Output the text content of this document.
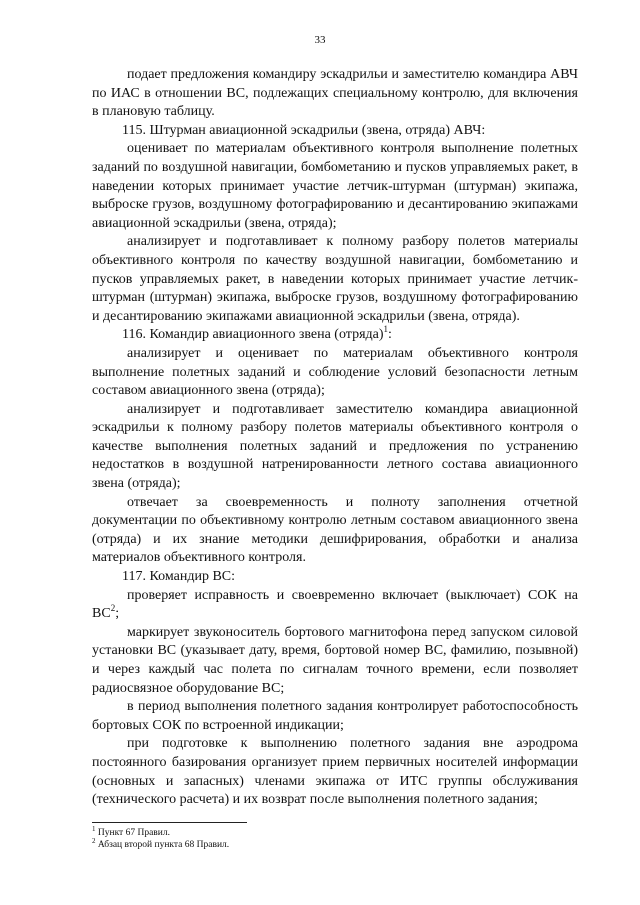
33

подает предложения командиру эскадрильи и заместителю командира АВЧ по ИАС в отношении ВС, подлежащих специальному контролю, для включения в плановую таблицу.

115. Штурман авиационной эскадрильи (звена, отряда) АВЧ:

оценивает по материалам объективного контроля выполнение полетных заданий по воздушной навигации, бомбометанию и пусков управляемых ракет, в наведении которых принимает участие летчик-штурман (штурман) экипажа, выброске грузов, воздушному фотографированию и десантированию экипажами авиационной эскадрильи (звена, отряда);

анализирует и подготавливает к полному разбору полетов материалы объективного контроля по качеству воздушной навигации, бомбометанию и пусков управляемых ракет, в наведении которых принимает участие летчик-штурман (штурман) экипажа, выброске грузов, воздушному фотографированию и десантированию экипажами авиационной эскадрильи (звена, отряда).

116. Командир авиационного звена (отряда)$^1$:

анализирует и оценивает по материалам объективного контроля выполнение полетных заданий и соблюдение условий безопасности летным составом авиационного звена (отряда);

анализирует и подготавливает заместителю командира авиационной эскадрильи к полному разбору полетов материалы объективного контроля о качестве выполнения полетных заданий и предложения по устранению недостатков в воздушной натренированности летного состава авиационного звена (отряда);

отвечает за своевременность и полноту заполнения отчетной документации по объективному контролю летным составом авиационного звена (отряда) и их знание методики дешифрирования, обработки и анализа материалов объективного контроля.

117. Командир ВС:

проверяет исправность и своевременно включает (выключает) СОК на $ВС^2$;

маркирует звуконоситель бортового магнитофона перед запуском силовой установки ВС (указывает дату, время, бортовой номер ВС, фамилию, позывной) и через каждый час полета по сигналам точного времени, если позволяет радиосвязное оборудование ВС;

в период выполнения полетного задания контролирует работоспособность бортовых СОК по встроенной индикации;

при подготовке к выполнению полетного задания вне аэродрома постоянного базирования организует прием первичных носителей информации (основных и запасных) членами экипажа от ИТС группы обслуживания (технического расчета) и их возврат после выполнения полетного задания;

$^1$ Пункт 67 Правил.
$^2$ Абзац второй пункта 68 Правил.
